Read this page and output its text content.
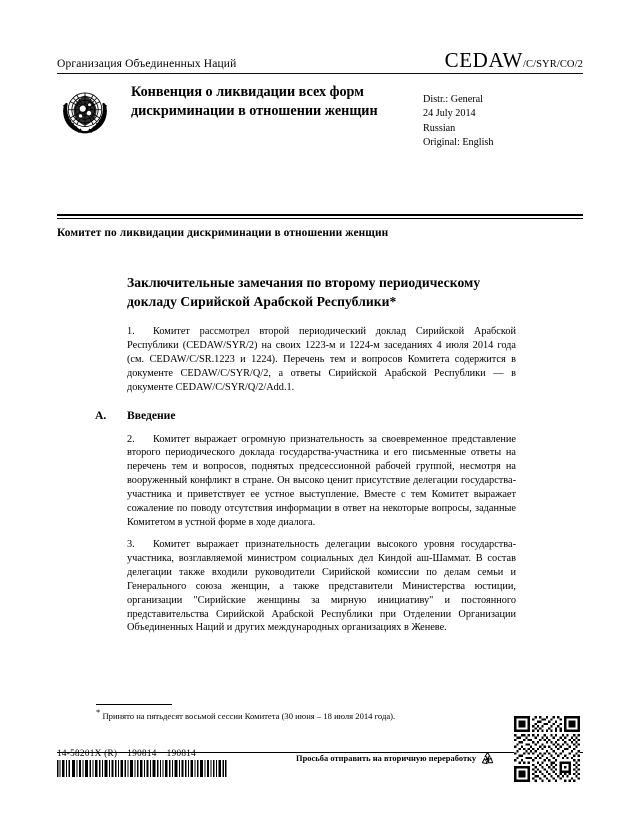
Организация Объединенных Наций	CEDAW /C/SYR/CO/2
Конвенция о ликвидации всех форм дискриминации в отношении женщин
Distr.: General
24 July 2014
Russian
Original: English
Комитет по ликвидации дискриминации в отношении женщин
Заключительные замечания по второму периодическому докладу Сирийской Арабской Республики*

1. Комитет рассмотрел второй периодический доклад Сирийской Арабской Республики (CEDAW/SYR/2) на своих 1223-м и 1224-м заседаниях 4 июля 2014 года (см. CEDAW/C/SR.1223 и 1224). Перечень тем и вопросов Комитета содержится в документе CEDAW/C/SYR/Q/2, а ответы Сирийской Арабской Республики — в документе CEDAW/C/SYR/Q/2/Add.1.

A.	Введение

2. Комитет выражает огромную признательность за своевременное представление второго периодического доклада государства-участника и его письменные ответы на перечень тем и вопросов, поднятых предсессионной рабочей группой, несмотря на вооруженный конфликт в стране. Он высоко ценит присутствие делегации государства-участника и приветствует ее устное выступление. Вместе с тем Комитет выражает сожаление по поводу отсутствия информации в ответ на некоторые вопросы, заданные Комитетом в устной форме в ходе диалога.

3. Комитет выражает признательность делегации высокого уровня государства-участника, возглавляемой министром социальных дел Киндой аш-Шаммат. В состав делегации также входили руководители Сирийской комиссии по делам семьи и Генерального союза женщин, а также представители Министерства юстиции, организации "Сирийские женщины за мирную инициативу" и постоянного представительства Сирийской Арабской Республики при Отделении Организации Объединенных Наций и других международных организациях в Женеве.

* Принято на пятьдесят восьмой сессии Комитета (30 июня – 18 июля 2014 года).
14-58201X (R) 190814 190814
Просьба отправить на вторичную переработку
